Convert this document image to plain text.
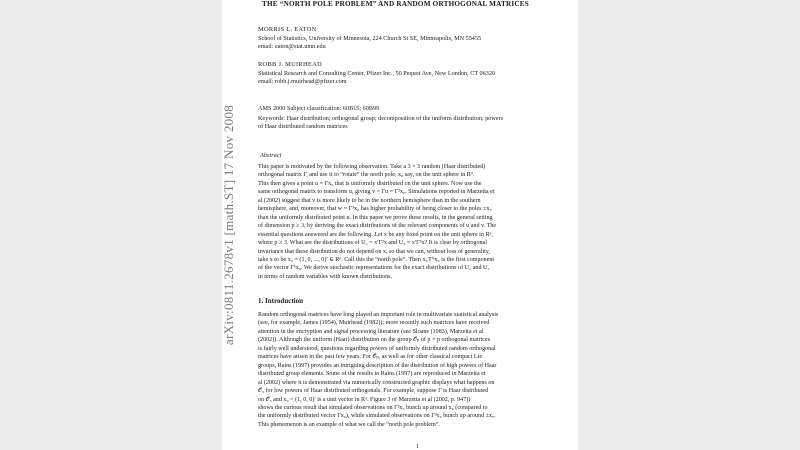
arXiv:0811.2678v1 [math.ST] 17 Nov 2008
THE “NORTH POLE PROBLEM” AND RANDOM ORTHOGONAL MATRICES
MORRIS L. EATON
School of Statistics, University of Minnesota, 224 Church St SE, Minneapolis, MN 55455
email: eaton@stat.umn.edu
ROBB J. MUIRHEAD
Statistical Research and Consulting Center, Pfizer Inc., 50 Pequot Ave, New London, CT 06320
email: robb.j.muirhead@pfizer.com
AMS 2000 Subject classification: 60B15; 60B99
Keywords: Haar distribution; orthogonal group; decomposition of the uniform distribution; powers
of Haar distributed random matrices
Abstract
This paper is motivated by the following observation. Take a 3 × 3 random (Haar distributed)
orthogonal matrix Γ, and use it to “rotate” the north pole, x₀ say, on the unit sphere in R³.
This then gives a point u = Γx₀ that is uniformly distributed on the unit sphere. Now use the
same orthogonal matrix to transform u, giving v = Γu = Γ²x₀. Simulations reported in Marzetta et
al (2002) suggest that v is more likely to be in the northern hemisphere than in the southern
hemisphere, and, moreover, that w = Γ³x₀ has higher probability of being closer to the poles ±x₀
than the uniformly distributed point u. In this paper we prove these results, in the general setting
of dimension p ≥ 3, by deriving the exact distributions of the relevant components of u and v. The
essential questions answered are the following. Let x be any fixed point on the unit sphere in Rᵖ,
where p ≥ 3. What are the distributions of U₂ = x′Γ²x and U₃ = x′Γ³x? It is clear by orthogonal
invariance that these distribution do not depend on x, so that we can, without loss of generality,
take x to be x₀ = (1, 0, ..., 0)′ ∈ Rᵖ. Call this the “north pole”. Then x₀′Γᵏx₀ is the first component
of the vector Γᵏx₀. We derive stochastic representations for the exact distributions of U₂ and U₃
in terms of random variables with known distributions.
1. Introduction
Random orthogonal matrices have long played an important role in multivariate statistical analysis
(see, for example, James (1954), Muirhead (1982)); more recently such matrices have received
attention in the encryption and signal processing literature (see Sloane (1983), Marzetta et al
(2002)). Although the uniform (Haar) distribution on the group 𝒪ₚ of p × p orthogonal matrices
is fairly well understood, questions regarding powers of uniformly distributed random orthogonal
matrices have arisen in the past few years. For 𝒪ₚ, as well as for other classical compact Lie
groups, Rains (1997) provides an intriguing description of the distribution of high powers of Haar
distributed group elements. Some of the results in Rains (1997) are reproduced in Marzetta et
al (2002) where it is demonstrated via numerically constructed graphic displays what happens on
𝒪₃ for low powers of Haar distributed orthogonals. For example, suppose Γ is Haar distributed
on 𝒪₃ and x₀ = (1, 0, 0)′ is a unit vector in R³. Figure 3 of Marzetta et al (2002, p. 947))
shows the curious result that simulated observations on Γ²x₀ bunch up around x₀ (compared to
the uniformly distributed vector Γx₀), while simulated observations on Γ³x₀ bunch up around ±x₀.
This phenomenon is an example of what we call the “north pole problem”.
1
